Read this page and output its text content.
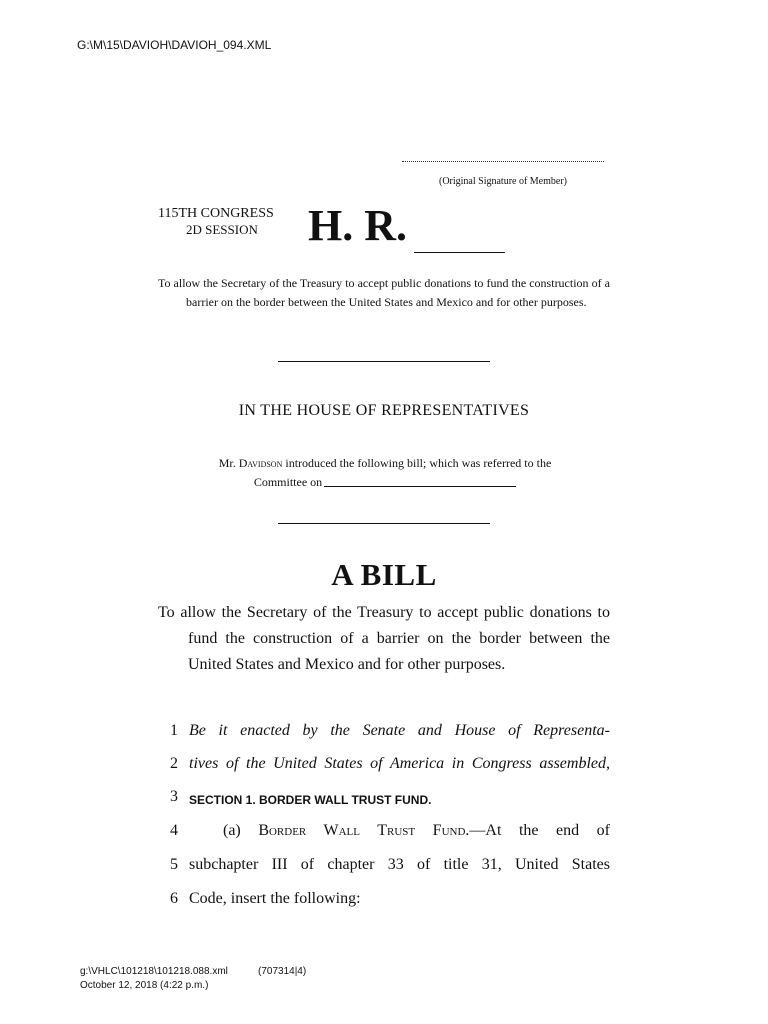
G:\M\15\DAVIOH\DAVIOH_094.XML
(Original Signature of Member)
115TH CONGRESS
2D SESSION H. R.
To allow the Secretary of the Treasury to accept public donations to fund the construction of a barrier on the border between the United States and Mexico and for other purposes.
IN THE HOUSE OF REPRESENTATIVES
Mr. Davidson introduced the following bill; which was referred to the
Committee on
A BILL
To allow the Secretary of the Treasury to accept public donations to fund the construction of a barrier on the border between the United States and Mexico and for other purposes.
1 Be it enacted by the Senate and House of Representa-
2 tives of the United States of America in Congress assembled,
3 SECTION 1. BORDER WALL TRUST FUND.
4	(a) Border Wall Trust Fund.—At the end of
5 subchapter III of chapter 33 of title 31, United States
6 Code, insert the following:
g:\VHLC\101218\101218.088.xml	(707314|4)
October 12, 2018 (4:22 p.m.)
